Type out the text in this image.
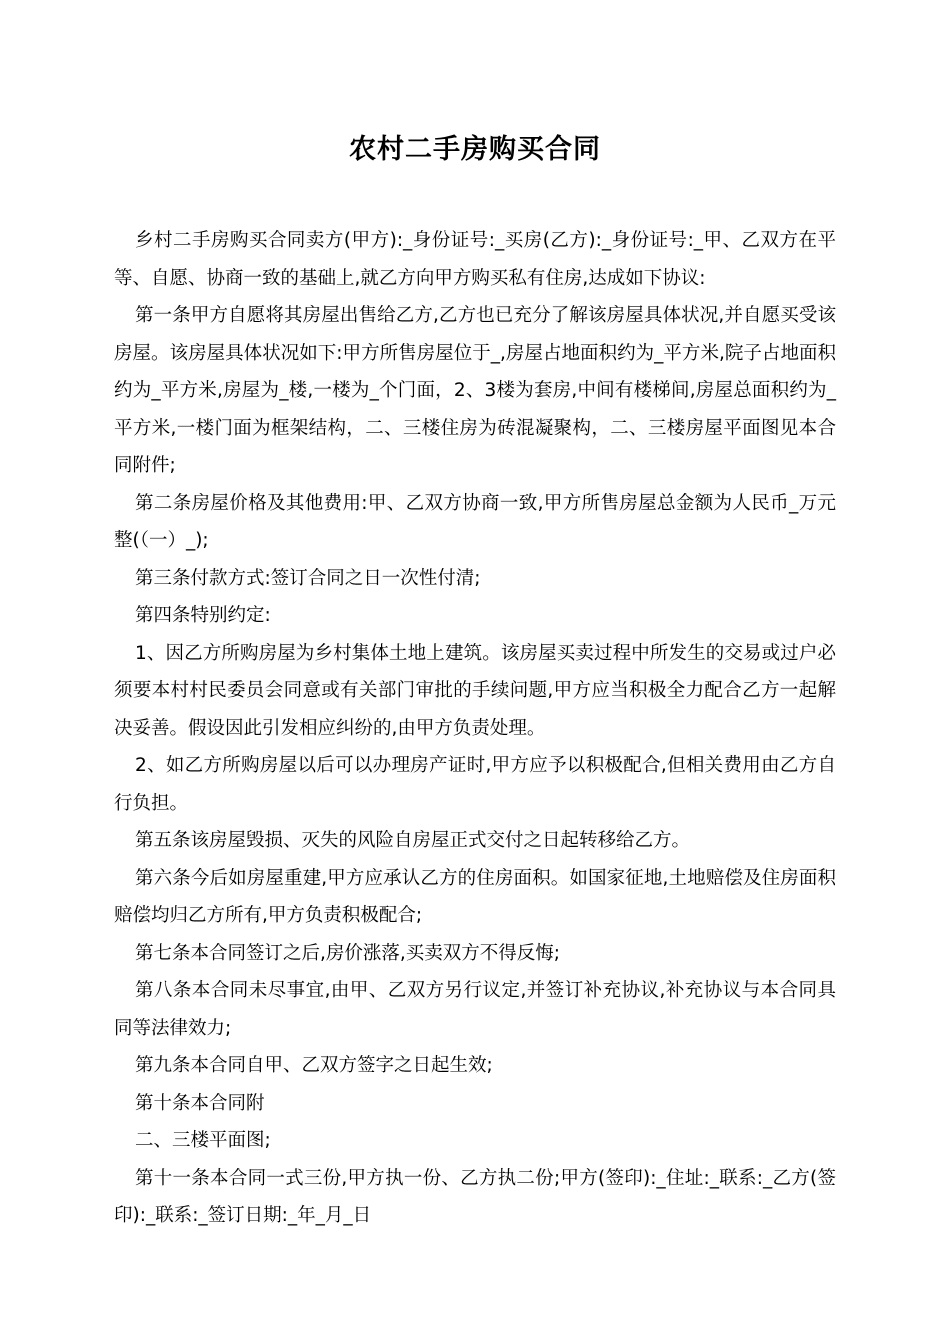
农村二手房购买合同

乡村二手房购买合同卖方(甲方):_身份证号:_买房(乙方):_身份证号:_甲、乙双方在平等、自愿、协商一致的基础上,就乙方向甲方购买私有住房,达成如下协议:

第一条甲方自愿将其房屋出售给乙方,乙方也已充分了解该房屋具体状况,并自愿买受该房屋。该房屋具体状况如下:甲方所售房屋位于_,房屋占地面积约为_平方米,院子占地面积约为_平方米,房屋为_楼,一楼为_个门面，2、3楼为套房,中间有楼梯间,房屋总面积约为_平方米,一楼门面为框架结构，二、三楼住房为砖混凝聚构，二、三楼房屋平面图见本合同附件;

第二条房屋价格及其他费用:甲、乙双方协商一致,甲方所售房屋总金额为人民币_万元整(（一）_);

第三条付款方式:签订合同之日一次性付清;

第四条特别约定:

1、因乙方所购房屋为乡村集体土地上建筑。该房屋买卖过程中所发生的交易或过户必须要本村村民委员会同意或有关部门审批的手续问题,甲方应当积极全力配合乙方一起解决妥善。假设因此引发相应纠纷的,由甲方负责处理。

2、如乙方所购房屋以后可以办理房产证时,甲方应予以积极配合,但相关费用由乙方自行负担。

第五条该房屋毁损、灭失的风险自房屋正式交付之日起转移给乙方。

第六条今后如房屋重建,甲方应承认乙方的住房面积。如国家征地,土地赔偿及住房面积赔偿均归乙方所有,甲方负责积极配合;

第七条本合同签订之后,房价涨落,买卖双方不得反悔;

第八条本合同未尽事宜,由甲、乙双方另行议定,并签订补充协议,补充协议与本合同具同等法律效力;

第九条本合同自甲、乙双方签字之日起生效;

第十条本合同附

二、三楼平面图;

第十一条本合同一式三份,甲方执一份、乙方执二份;甲方(签印):_住址:_联系:_乙方(签印):_联系:_签订日期:_年_月_日
